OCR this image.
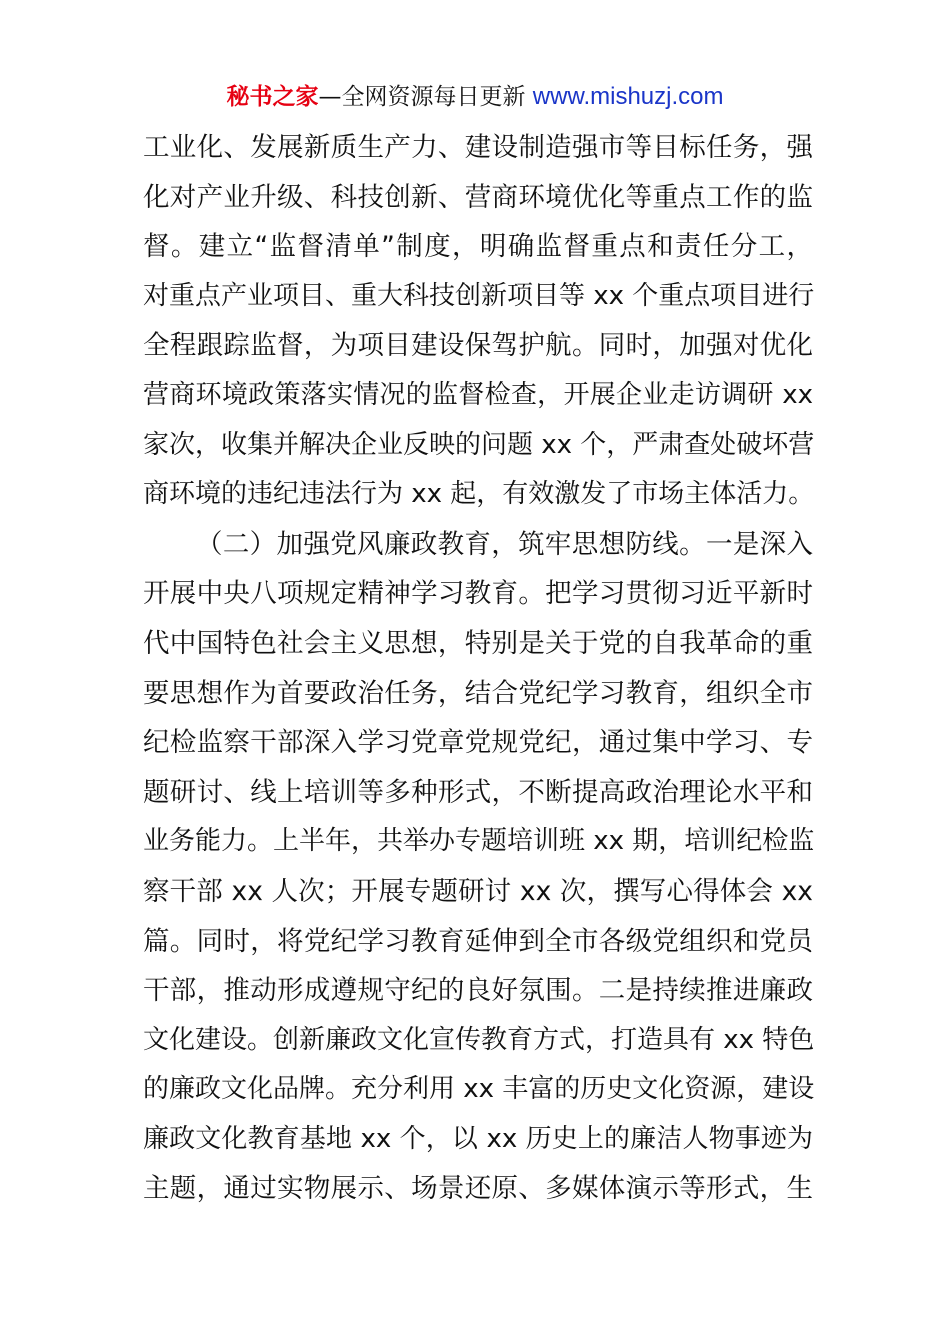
秘书之家—全网资源每日更新 www.mishuzj.com
工业化、发展新质生产力、建设制造强市等目标任务，强
化对产业升级、科技创新、营商环境优化等重点工作的监
督。建立“监督清单”制度，明确监督重点和责任分工，
对重点产业项目、重大科技创新项目等 xx 个重点项目进行
全程跟踪监督，为项目建设保驾护航。同时，加强对优化
营商环境政策落实情况的监督检查，开展企业走访调研 xx
家次，收集并解决企业反映的问题 xx 个，严肃查处破坏营
商环境的违纪违法行为 xx 起，有效激发了市场主体活力。
（二）加强党风廉政教育，筑牢思想防线。一是深入
开展中央八项规定精神学习教育。把学习贯彻习近平新时
代中国特色社会主义思想，特别是关于党的自我革命的重
要思想作为首要政治任务，结合党纪学习教育，组织全市
纪检监察干部深入学习党章党规党纪，通过集中学习、专
题研讨、线上培训等多种形式，不断提高政治理论水平和
业务能力。上半年，共举办专题培训班 xx 期，培训纪检监
察干部 xx 人次；开展专题研讨 xx 次，撰写心得体会 xx
篇。同时，将党纪学习教育延伸到全市各级党组织和党员
干部，推动形成遵规守纪的良好氛围。二是持续推进廉政
文化建设。创新廉政文化宣传教育方式，打造具有 xx 特色
的廉政文化品牌。充分利用 xx 丰富的历史文化资源，建设
廉政文化教育基地 xx 个，以 xx 历史上的廉洁人物事迹为
主题，通过实物展示、场景还原、多媒体演示等形式，生
